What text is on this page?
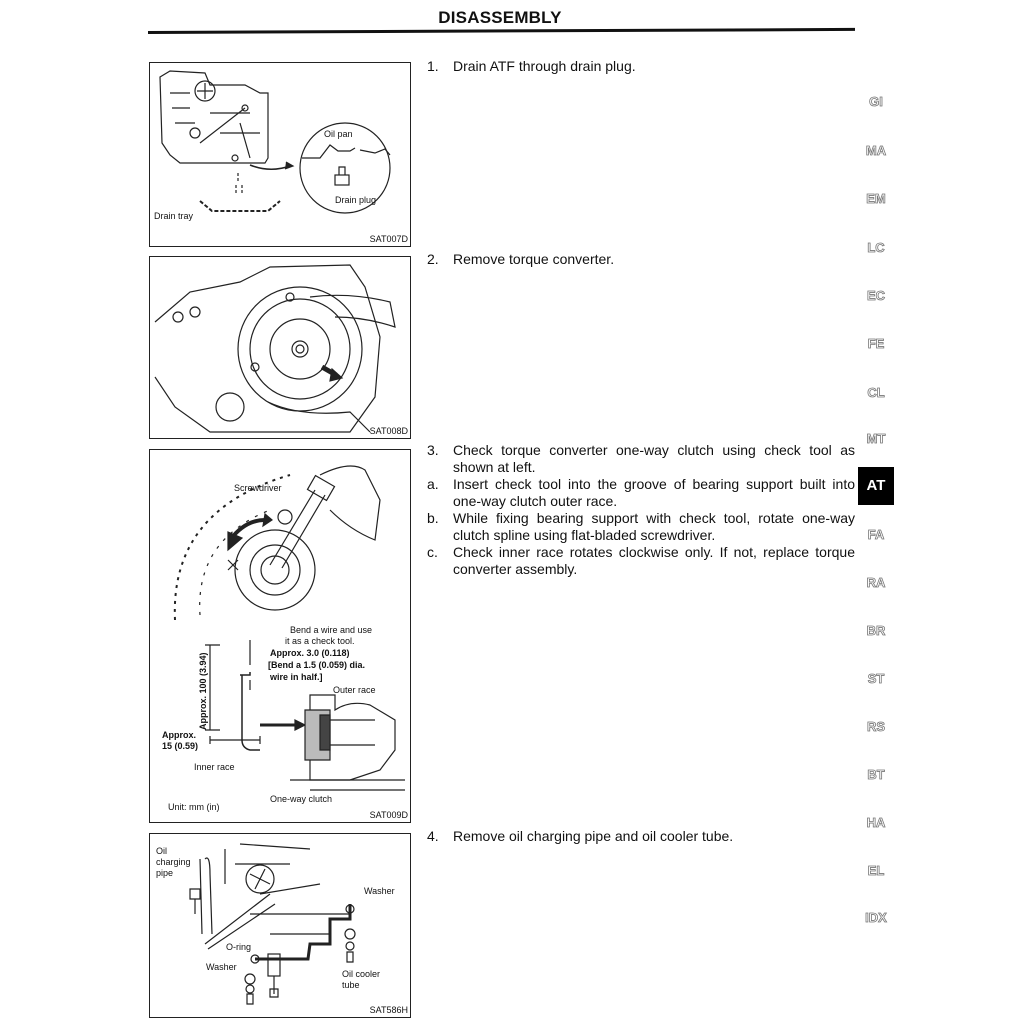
DISASSEMBLY
Oil pan
Drain plug
Drain tray
SAT007D
SAT008D
Screwdriver
Bend a wire and use
it as a check tool.
Approx. 3.0 (0.118)
[Bend a 1.5 (0.059) dia.
wire in half.]
Approx. 100 (3.94)	Outer race
Approx.
15 (0.59)
Inner race
One-way clutch
Unit: mm (in)
SAT009D
Oil
charging
pipe
Washer
O-ring
Washer
Oil cooler
tube
SAT586H
1.	Drain ATF through drain plug.
2.	Remove torque converter.
3.	Check torque converter one-way clutch using check tool as shown at left.
a.	Insert check tool into the groove of bearing support built into one-way clutch outer race.
b.	While fixing bearing support with check tool, rotate one-way clutch spline using flat-bladed screwdriver.
c.	Check inner race rotates clockwise only. If not, replace torque converter assembly.
4.	Remove oil charging pipe and oil cooler tube.
GI
MA
EM
LC
EC
FE
CL
MT
AT
FA
RA
BR
ST
RS
BT
HA
EL
IDX
